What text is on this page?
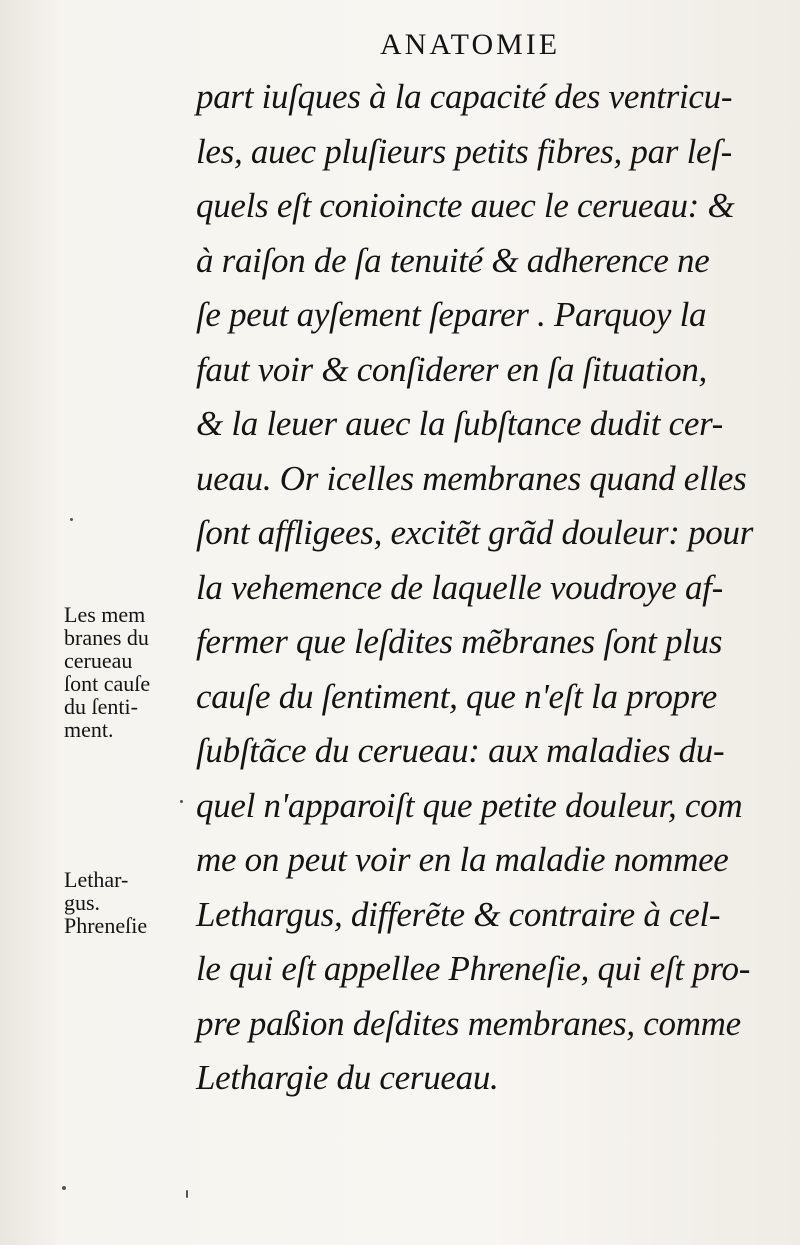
ANATOMIE
part iuſques à la capacité des ventricu-
les, auec pluſieurs petits fibres, par leſ-
quels eſt conioincte auec le cerueau: &
à raiſon de ſa tenuité & adherence ne
ſe peut ayſement ſeparer . Parquoy la
faut voir & conſiderer en ſa ſituation,
& la leuer auec la ſubſtance dudit cer-
ueau. Or icelles membranes quand elles
ſont affligees, excitẽt grãd douleur: pour
la vehemence de laquelle voudroye af-
fermer que leſdites mẽbranes ſont plus
cauſe du ſentiment, que n'eſt la propre
ſubſtãce du cerueau: aux maladies du-
quel n'apparoiſt que petite douleur, com
me on peut voir en la maladie nommee
Lethargus, differẽte & contraire à cel-
le qui eſt appellee Phreneſie, qui eſt pro-
pre paßion deſdites membranes, comme
Lethargie du cerueau.
Les mem
branes du
cerueau
ſont cauſe
du ſenti-
ment.
Lethar-
gus.
Phreneſie
